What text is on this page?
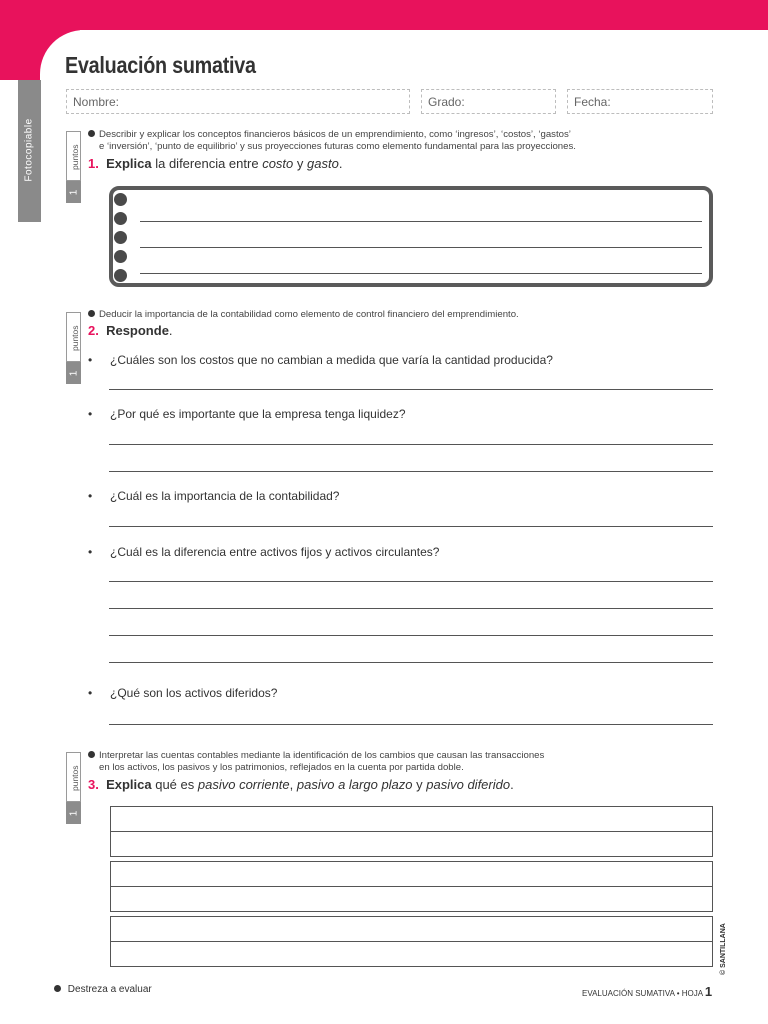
Fotocopiable
Evaluación sumativa
Nombre:	Grado:	Fecha:
puntos
1
Describir y explicar los conceptos financieros básicos de un emprendimiento, como ‘ingresos’, ‘costos’, ‘gastos’
e ‘inversión’, ‘punto de equilibrio’ y sus proyecciones futuras como elemento fundamental para las proyecciones.
1. Explica la diferencia entre costo y gasto.
puntos
1
Deducir la importancia de la contabilidad como elemento de control financiero del emprendimiento.
2. Responde.
• ¿Cuáles son los costos que no cambian a medida que varía la cantidad producida?
• ¿Por qué es importante que la empresa tenga liquidez?
• ¿Cuál es la importancia de la contabilidad?
• ¿Cuál es la diferencia entre activos fijos y activos circulantes?
• ¿Qué son los activos diferidos?
puntos
1
Interpretar las cuentas contables mediante la identificación de los cambios que causan las transacciones
en los activos, los pasivos y los patrimonios, reflejados en la cuenta por partida doble.
3. Explica qué es pasivo corriente, pasivo a largo plazo y pasivo diferido.
© SANTILLANA
Destreza a evaluar	EVALUACIÓN SUMATIVA • HOJA 1
